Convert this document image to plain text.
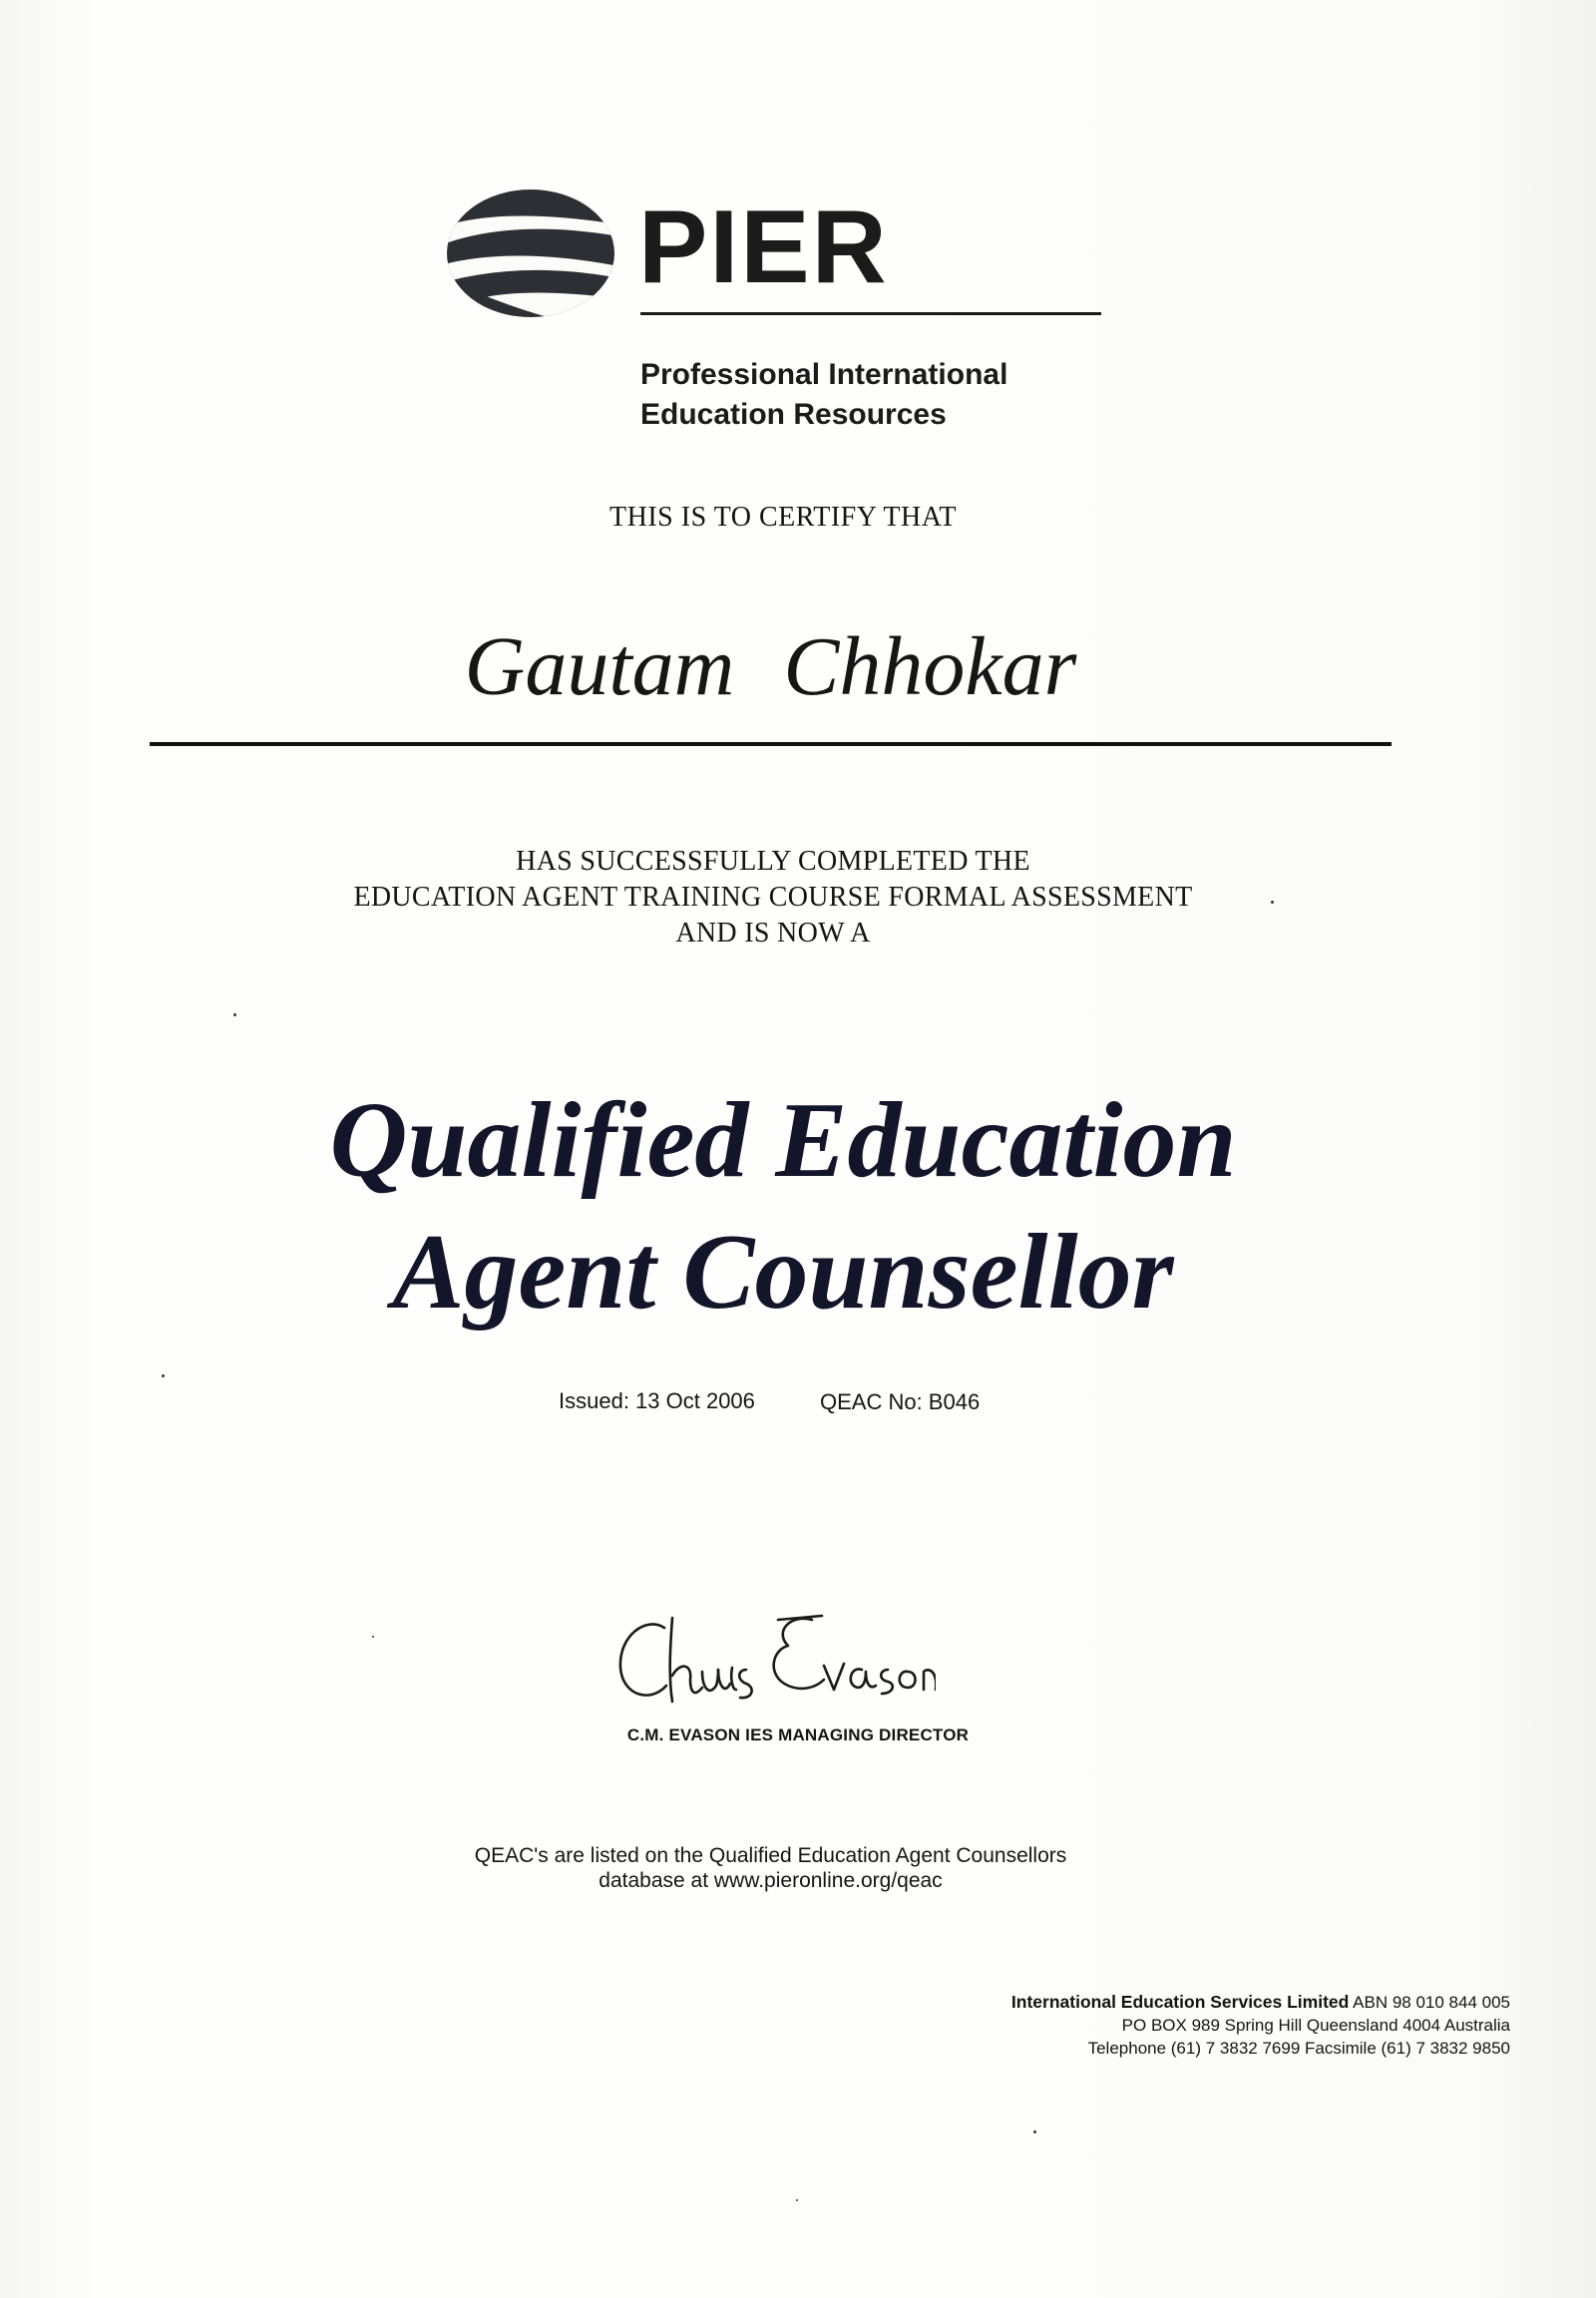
PIER
Professional International
Education Resources
THIS IS TO CERTIFY THAT
Gautam Chhokar
HAS SUCCESSFULLY COMPLETED THE
EDUCATION AGENT TRAINING COURSE FORMAL ASSESSMENT
AND IS NOW A
Qualified Education
Agent Counsellor
Issued: 13 Oct 2006	QEAC No: B046
C.M. EVASON IES MANAGING DIRECTOR
QEAC's are listed on the Qualified Education Agent Counsellors
database at www.pieronline.org/qeac
International Education Services Limited ABN 98 010 844 005
PO BOX 989 Spring Hill Queensland 4004 Australia
Telephone (61) 7 3832 7699 Facsimile (61) 7 3832 9850
